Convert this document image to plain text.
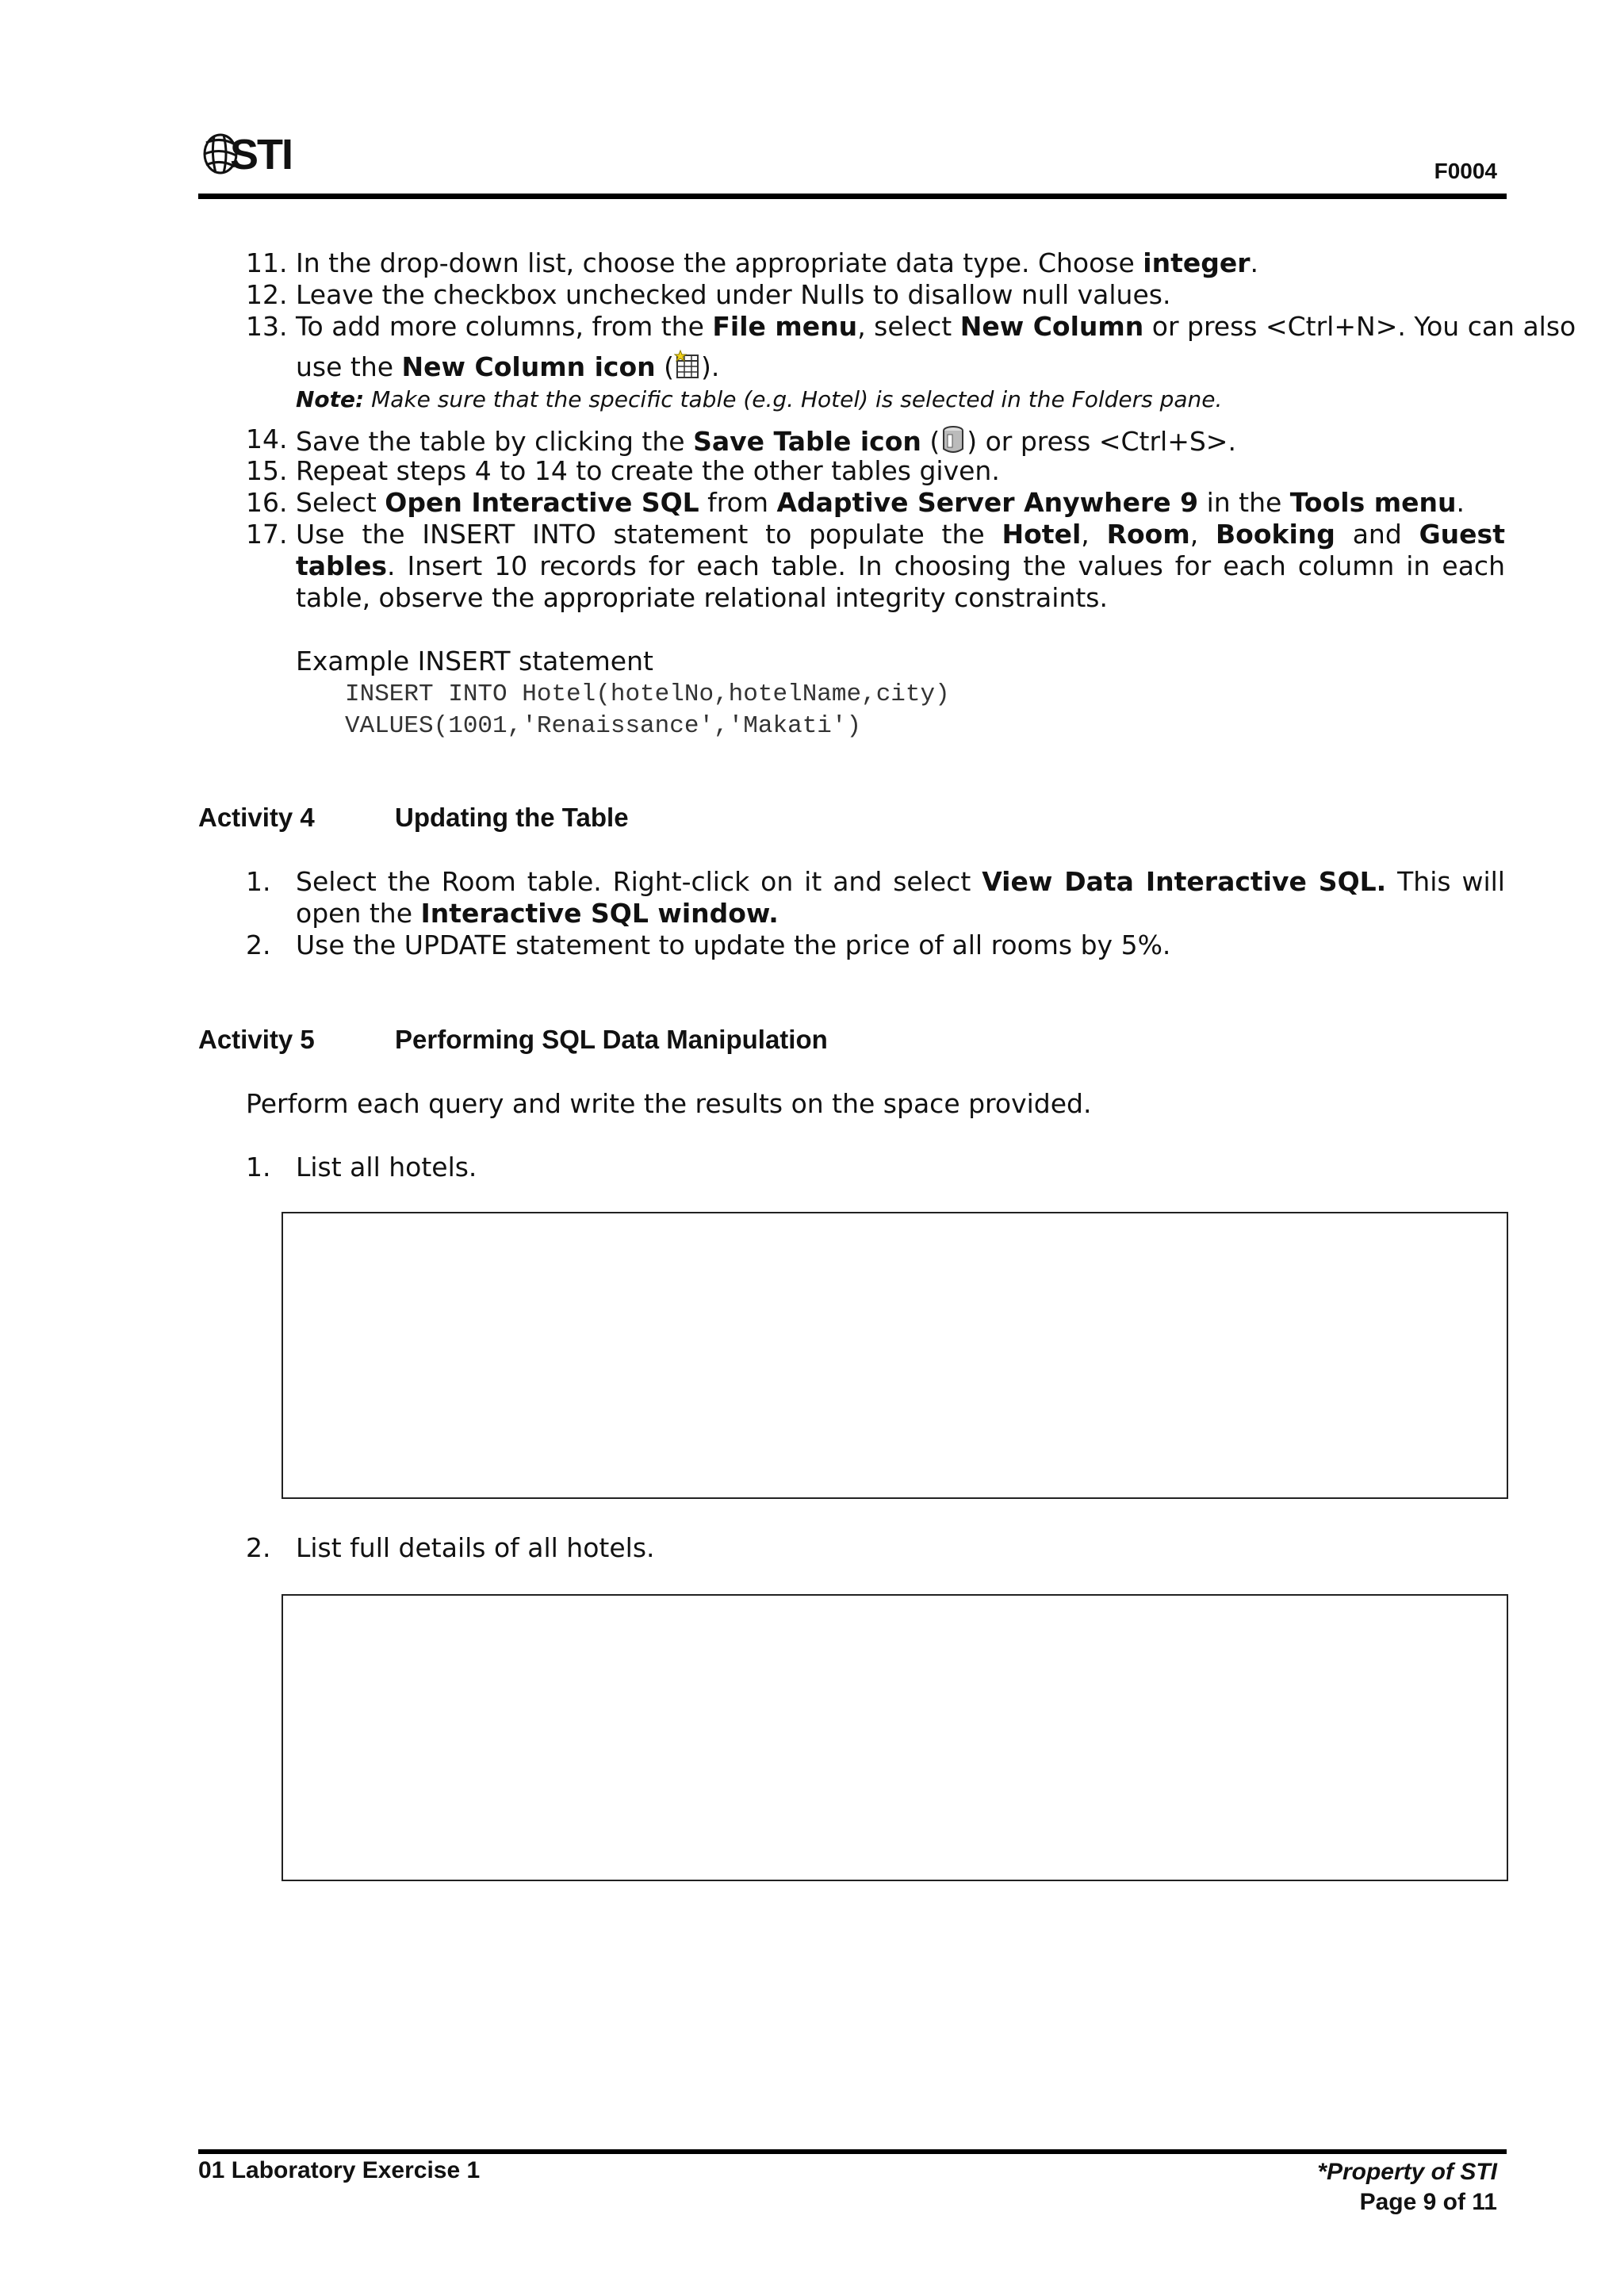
STI	F0004
11. In the drop-down list, choose the appropriate data type. Choose integer.
12. Leave the checkbox unchecked under Nulls to disallow null values.
13. To add more columns, from the File menu, select New Column or press <Ctrl+N>. You can also
use the New Column icon ( ).
Note: Make sure that the specific table (e.g. Hotel) is selected in the Folders pane.
14. Save the table by clicking the Save Table icon ( ) or press <Ctrl+S>.
15. Repeat steps 4 to 14 to create the other tables given.
16. Select Open Interactive SQL from Adaptive Server Anywhere 9 in the Tools menu.
17. Use the INSERT INTO statement to populate the Hotel, Room, Booking and Guest tables. Insert 10 records for each table. In choosing the values for each column in each table, observe the appropriate relational integrity constraints.
Example INSERT statement
INSERT INTO Hotel(hotelNo,hotelName,city)
VALUES(1001,'Renaissance','Makati')
Activity 4	Updating the Table
1. Select the Room table. Right-click on it and select View Data Interactive SQL. This will open the Interactive SQL window.
2. Use the UPDATE statement to update the price of all rooms by 5%.
Activity 5	Performing SQL Data Manipulation
Perform each query and write the results on the space provided.
1. List all hotels.
2. List full details of all hotels.
01 Laboratory Exercise 1	*Property of STI
Page 9 of 11
